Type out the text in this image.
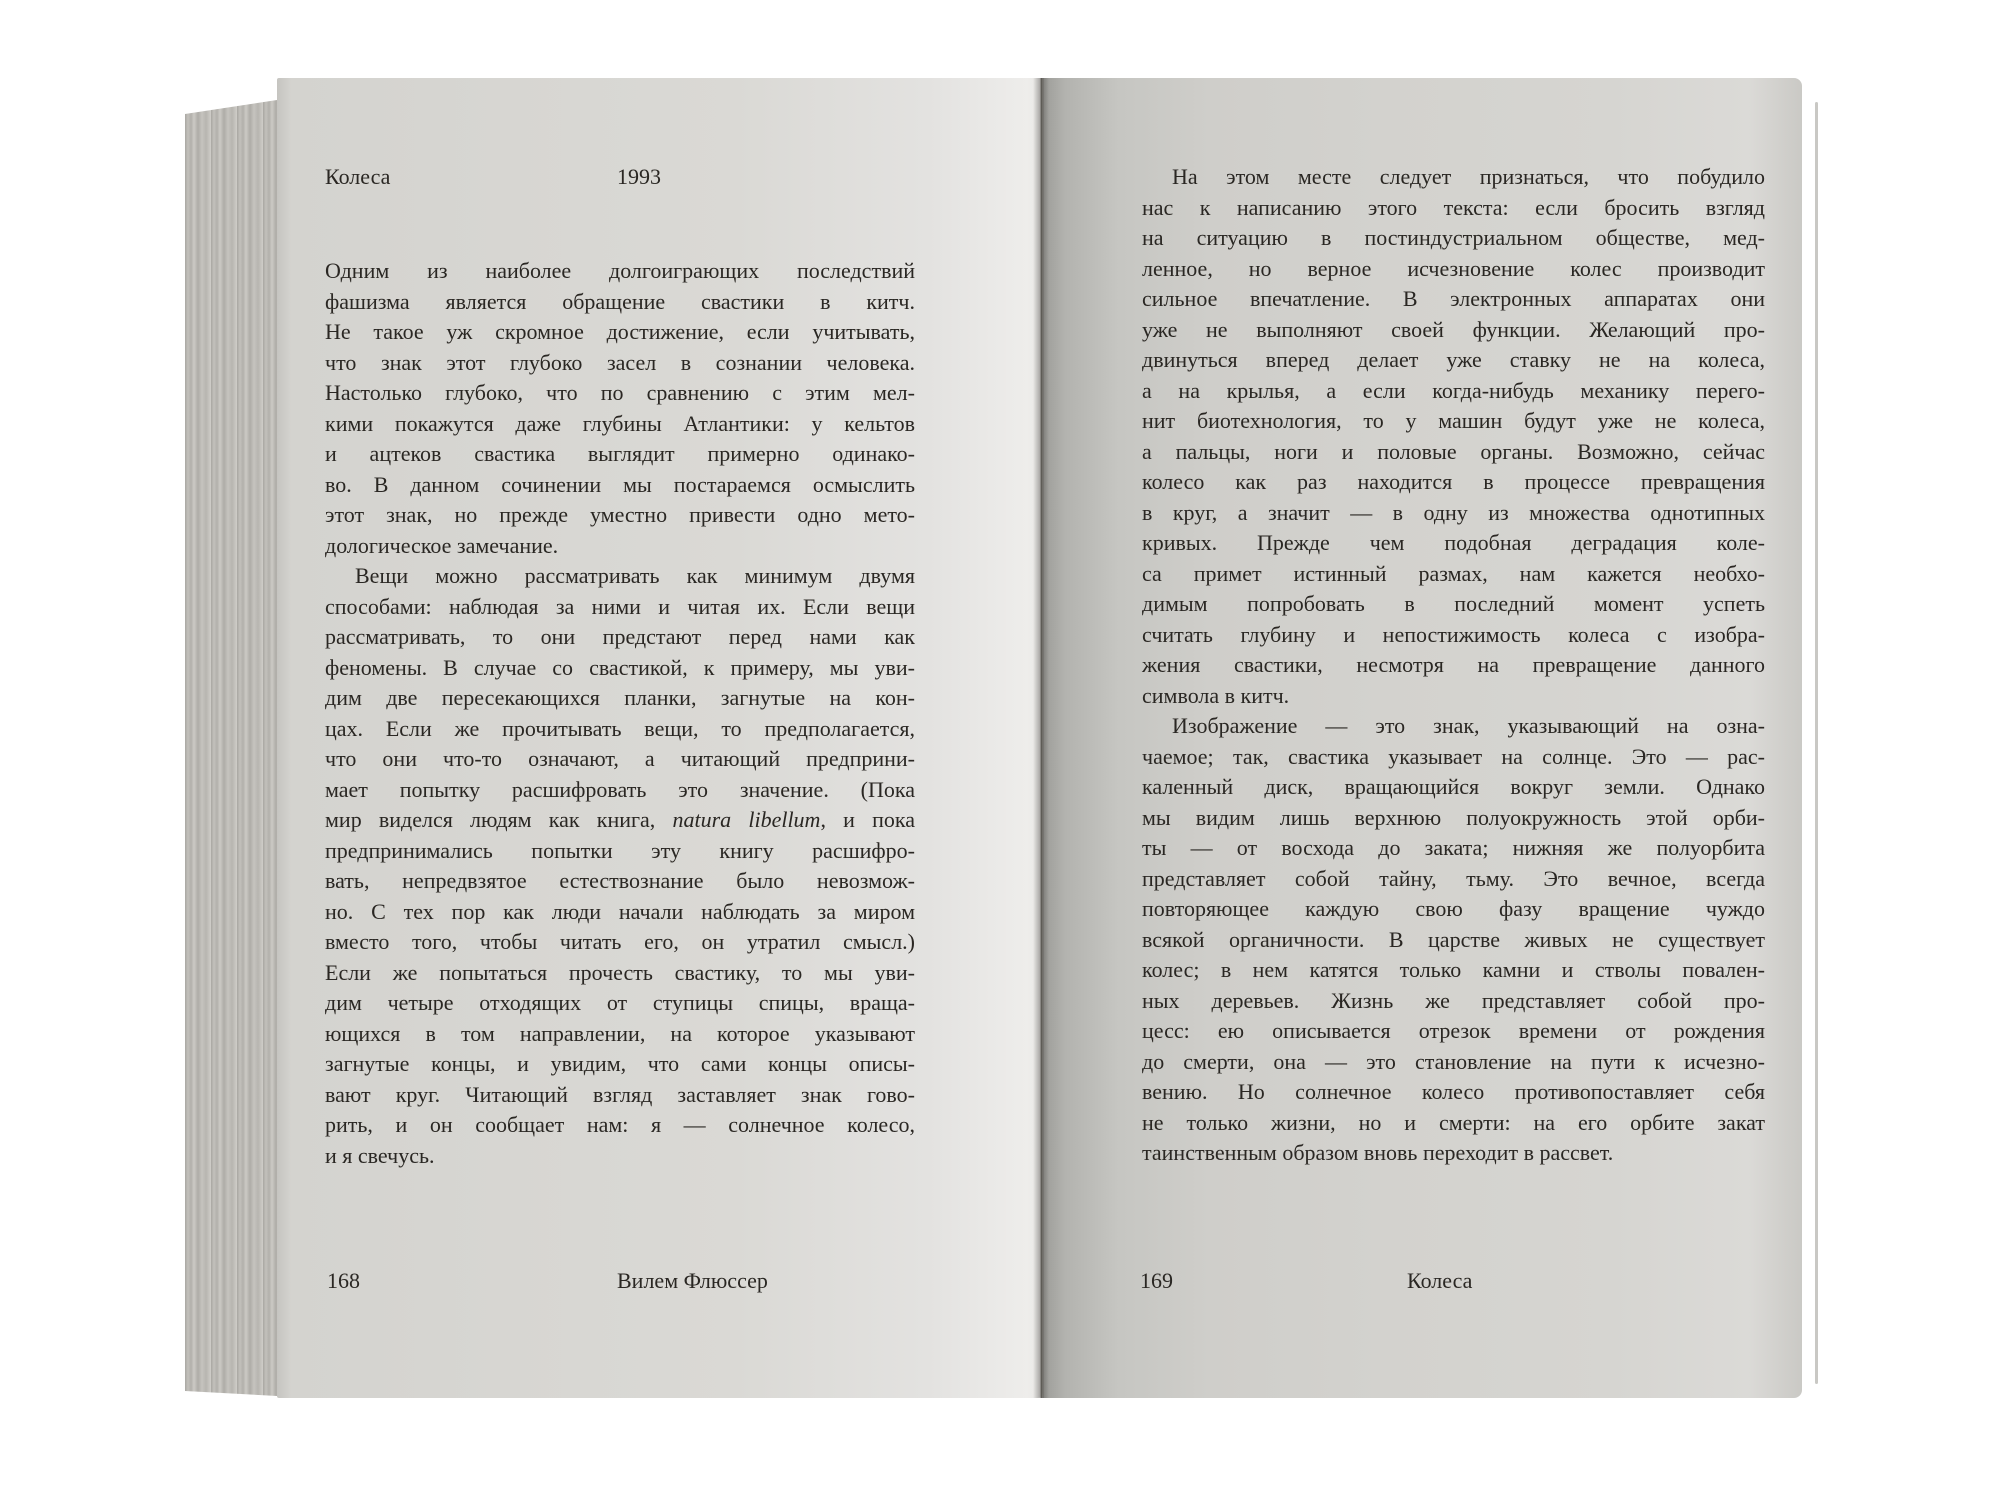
Колеса	1993
Одним из наиболее долгоиграющих последствий
фашизма является обращение свастики в китч.
Не такое уж скромное достижение, если учитывать,
что знак этот глубоко засел в сознании человека.
Настолько глубоко, что по сравнению с этим мел-
кими покажутся даже глубины Атлантики: у кельтов
и ацтеков свастика выглядит примерно одинако-
во. В данном сочинении мы постараемся осмыслить
этот знак, но прежде уместно привести одно мето-
дологическое замечание.
Вещи можно рассматривать как минимум двумя
способами: наблюдая за ними и читая их. Если вещи
рассматривать, то они предстают перед нами как
феномены. В случае со свастикой, к примеру, мы уви-
дим две пересекающихся планки, загнутые на кон-
цах. Если же прочитывать вещи, то предполагается,
что они что-то означают, а читающий предприни-
мает попытку расшифровать это значение. (Пока
мир виделся людям как книга, natura libellum, и пока
предпринимались попытки эту книгу расшифро-
вать, непредвзятое естествознание было невозмож-
но. С тех пор как люди начали наблюдать за миром
вместо того, чтобы читать его, он утратил смысл.)
Если же попытаться прочесть свастику, то мы уви-
дим четыре отходящих от ступицы спицы, враща-
ющихся в том направлении, на которое указывают
загнутые концы, и увидим, что сами концы описы-
вают круг. Читающий взгляд заставляет знак гово-
рить, и он сообщает нам: я — солнечное колесо,
и я свечусь.
168	Вилем Флюссер
На этом месте следует признаться, что побудило
нас к написанию этого текста: если бросить взгляд
на ситуацию в постиндустриальном обществе, мед-
ленное, но верное исчезновение колес производит
сильное впечатление. В электронных аппаратах они
уже не выполняют своей функции. Желающий про-
двинуться вперед делает уже ставку не на колеса,
а на крылья, а если когда-нибудь механику перего-
нит биотехнология, то у машин будут уже не колеса,
а пальцы, ноги и половые органы. Возможно, сейчас
колесо как раз находится в процессе превращения
в круг, а значит — в одну из множества однотипных
кривых. Прежде чем подобная деградация коле-
са примет истинный размах, нам кажется необхо-
димым попробовать в последний момент успеть
считать глубину и непостижимость колеса с изобра-
жения свастики, несмотря на превращение данного
символа в китч.
Изображение — это знак, указывающий на озна-
чаемое; так, свастика указывает на солнце. Это — рас-
каленный диск, вращающийся вокруг земли. Однако
мы видим лишь верхнюю полуокружность этой орби-
ты — от восхода до заката; нижняя же полуорбита
представляет собой тайну, тьму. Это вечное, всегда
повторяющее каждую свою фазу вращение чуждо
всякой органичности. В царстве живых не существует
колес; в нем катятся только камни и стволы повален-
ных деревьев. Жизнь же представляет собой про-
цесс: ею описывается отрезок времени от рождения
до смерти, она — это становление на пути к исчезно-
вению. Но солнечное колесо противопоставляет себя
не только жизни, но и смерти: на его орбите закат
таинственным образом вновь переходит в рассвет.
169	Колеса
